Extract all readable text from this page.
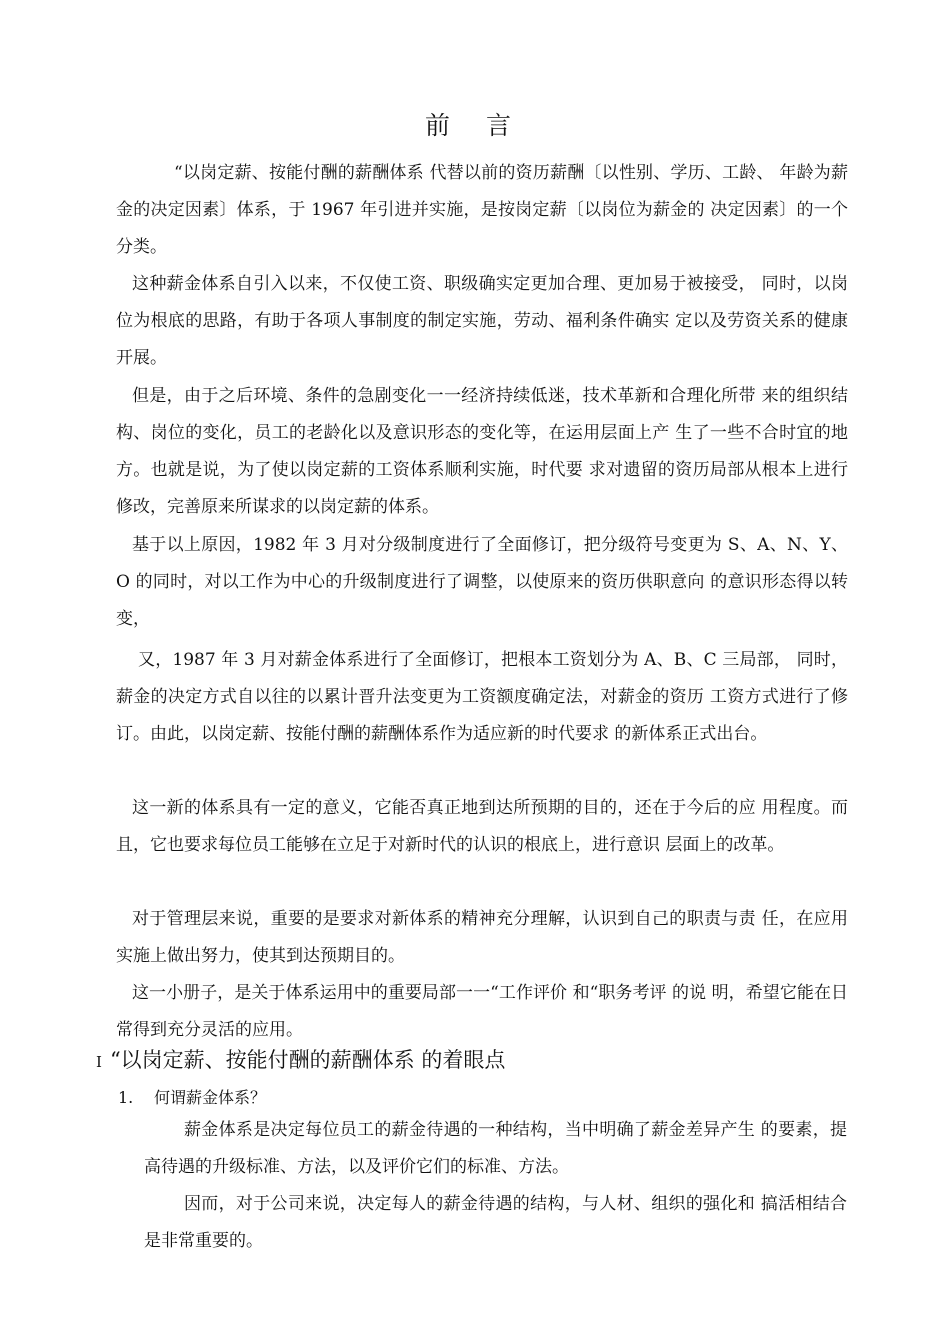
前 言

“以岗定薪、按能付酬的薪酬体系 代替以前的资历薪酬〔以性别、学历、工龄、 年龄为薪金的决定因素〕体系，于 1967 年引进并实施，是按岗定薪〔以岗位为薪金的 决定因素〕的一个分类。

这种薪金体系自引入以来，不仅使工资、职级确实定更加合理、更加易于被接受， 同时，以岗位为根底的思路，有助于各项人事制度的制定实施，劳动、福利条件确实 定以及劳资关系的健康开展。

但是，由于之后环境、条件的急剧变化一一经济持续低迷，技术革新和合理化所带 来的组织结构、岗位的变化，员工的老龄化以及意识形态的变化等，在运用层面上产 生了一些不合时宜的地方。也就是说，为了使以岗定薪的工资体系顺利实施，时代要 求对遗留的资历局部从根本上进行修改，完善原来所谋求的以岗定薪的体系。

基于以上原因，1982 年 3 月对分级制度进行了全面修订，把分级符号变更为 S、A、N、Y、O 的同时，对以工作为中心的升级制度进行了调整，以使原来的资历供职意向 的意识形态得以转变，

又，1987 年 3 月对薪金体系进行了全面修订，把根本工资划分为 A、B、C 三局部， 同时，薪金的决定方式自以往的以累计晋升法变更为工资额度确定法，对薪金的资历 工资方式进行了修订。由此，以岗定薪、按能付酬的薪酬体系作为适应新的时代要求 的新体系正式出台。

这一新的体系具有一定的意义，它能否真正地到达所预期的目的，还在于今后的应 用程度。而且，它也要求每位员工能够在立足于对新时代的认识的根底上，进行意识 层面上的改革。

对于管理层来说，重要的是要求对新体系的精神充分理解，认识到自己的职责与责 任，在应用实施上做出努力，使其到达预期目的。

这一小册子，是关于体系运用中的重要局部一一“工作评价 和“职务考评 的说 明，希望它能在日常得到充分灵活的应用。

I “以岗定薪、按能付酬的薪酬体系 的着眼点
1. 何谓薪金体系？

薪金体系是决定每位员工的薪金待遇的一种结构，当中明确了薪金差异产生 的要素，提高待遇的升级标准、方法，以及评价它们的标准、方法。

因而，对于公司来说，决定每人的薪金待遇的结构，与人材、组织的强化和 搞活相结合是非常重要的。
